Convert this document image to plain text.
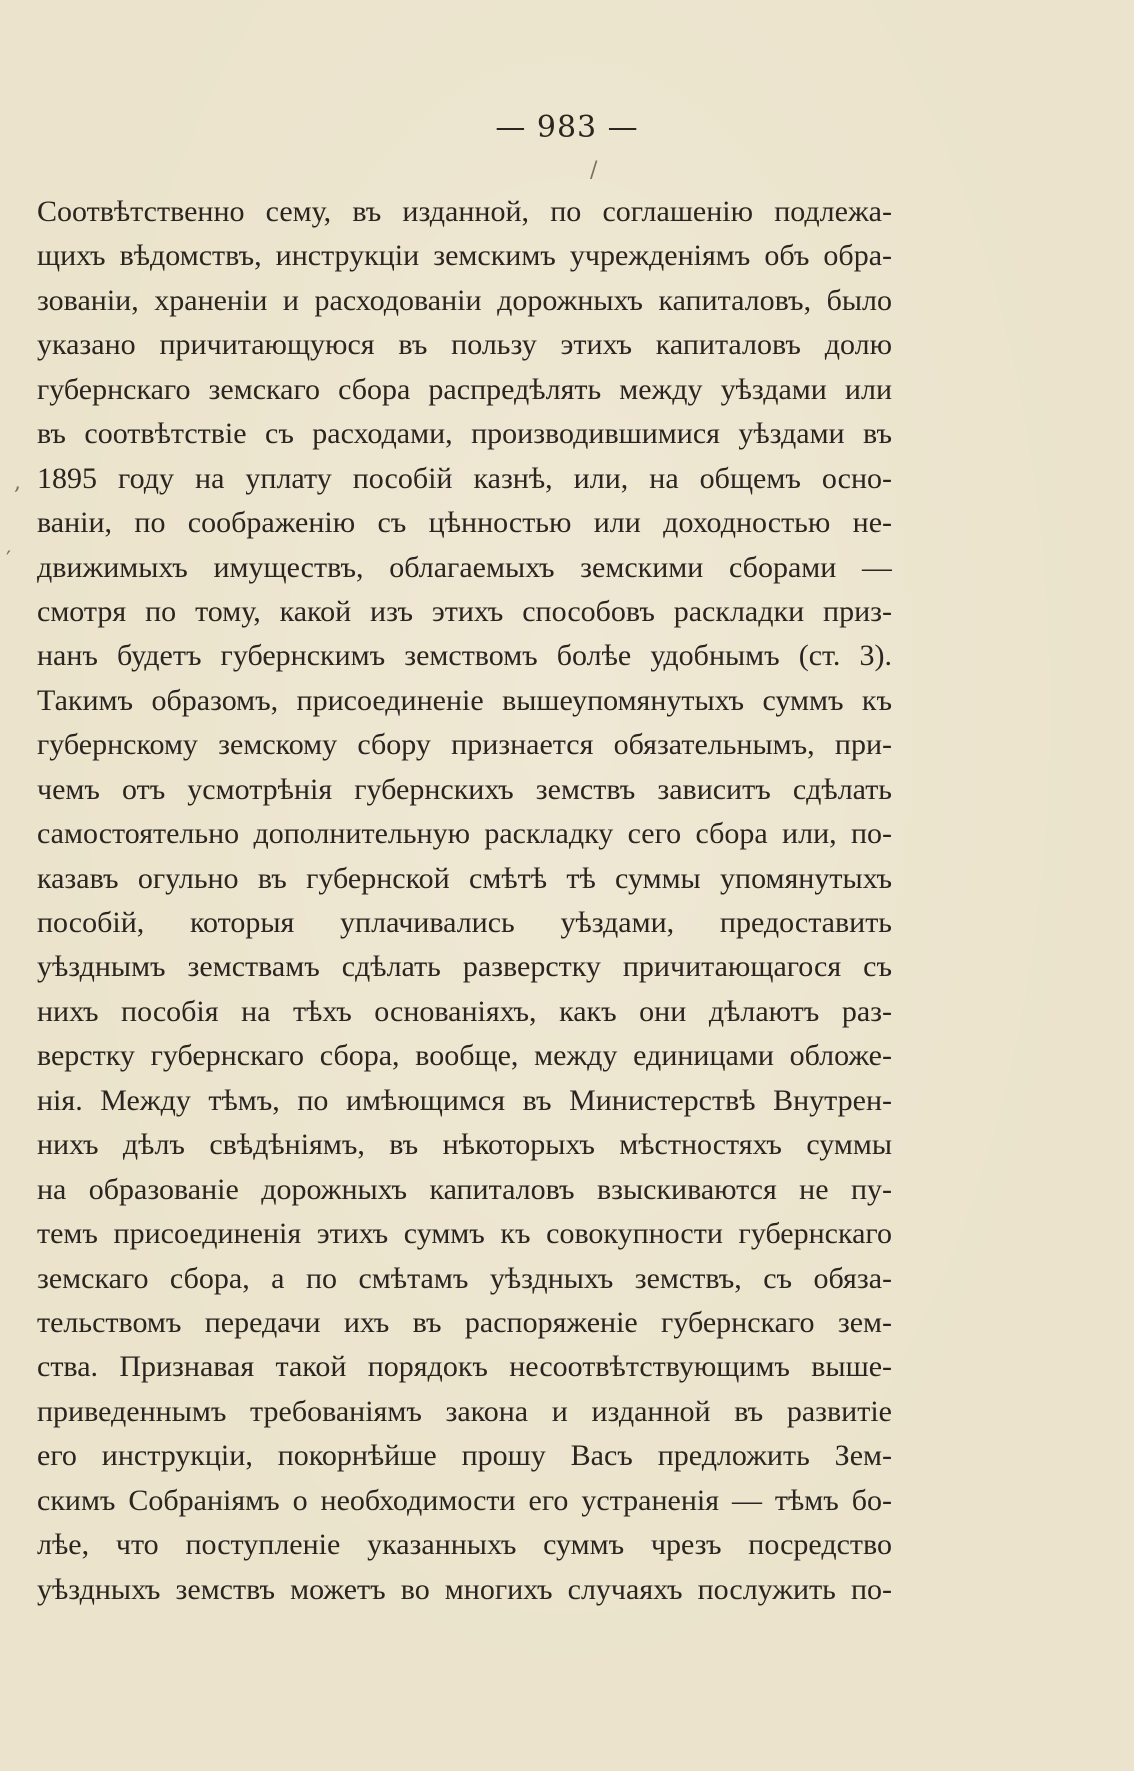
— 983 —
/
,
′
Соотвѣтственно сему, въ изданной, по соглашенію подлежа-
щихъ вѣдомствъ, инструкціи земскимъ учрежденіямъ объ обра-
зованіи, храненіи и расходованіи дорожныхъ капиталовъ, было
указано причитающуюся въ пользу этихъ капиталовъ долю
губернскаго земскаго сбора распредѣлять между уѣздами или
въ соотвѣтствіе съ расходами, производившимися уѣздами въ
1895 году на уплату пособій казнѣ, или, на общемъ осно-
ваніи, по соображенію съ цѣнностью или доходностью не-
движимыхъ имуществъ, облагаемыхъ земскими сборами —
смотря по тому, какой изъ этихъ способовъ раскладки приз-
нанъ будетъ губернскимъ земствомъ болѣе удобнымъ (ст. 3).
Такимъ образомъ, присоединеніе вышеупомянутыхъ суммъ къ
губернскому земскому сбору признается обязательнымъ, при-
чемъ отъ усмотрѣнія губернскихъ земствъ зависитъ сдѣлать
самостоятельно дополнительную раскладку сего сбора или, по-
казавъ огульно въ губернской смѣтѣ тѣ суммы упомянутыхъ
пособій, которыя уплачивались уѣздами, предоставить
уѣзднымъ земствамъ сдѣлать разверстку причитающагося съ
нихъ пособія на тѣхъ основаніяхъ, какъ они дѣлаютъ раз-
верстку губернскаго сбора, вообще, между единицами обложе-
нія. Между тѣмъ, по имѣющимся въ Министерствѣ Внутрен-
нихъ дѣлъ свѣдѣніямъ, въ нѣкоторыхъ мѣстностяхъ суммы
на образованіе дорожныхъ капиталовъ взыскиваются не пу-
темъ присоединенія этихъ суммъ къ совокупности губернскаго
земскаго сбора, а по смѣтамъ уѣздныхъ земствъ, съ обяза-
тельствомъ передачи ихъ въ распоряженіе губернскаго зем-
ства. Признавая такой порядокъ несоотвѣтствующимъ выше-
приведеннымъ требованіямъ закона и изданной въ развитіе
его инструкціи, покорнѣйше прошу Васъ предложить Зем-
скимъ Собраніямъ о необходимости его устраненія — тѣмъ бо-
лѣе, что поступленіе указанныхъ суммъ чрезъ посредство
уѣздныхъ земствъ можетъ во многихъ случаяхъ послужить по-
